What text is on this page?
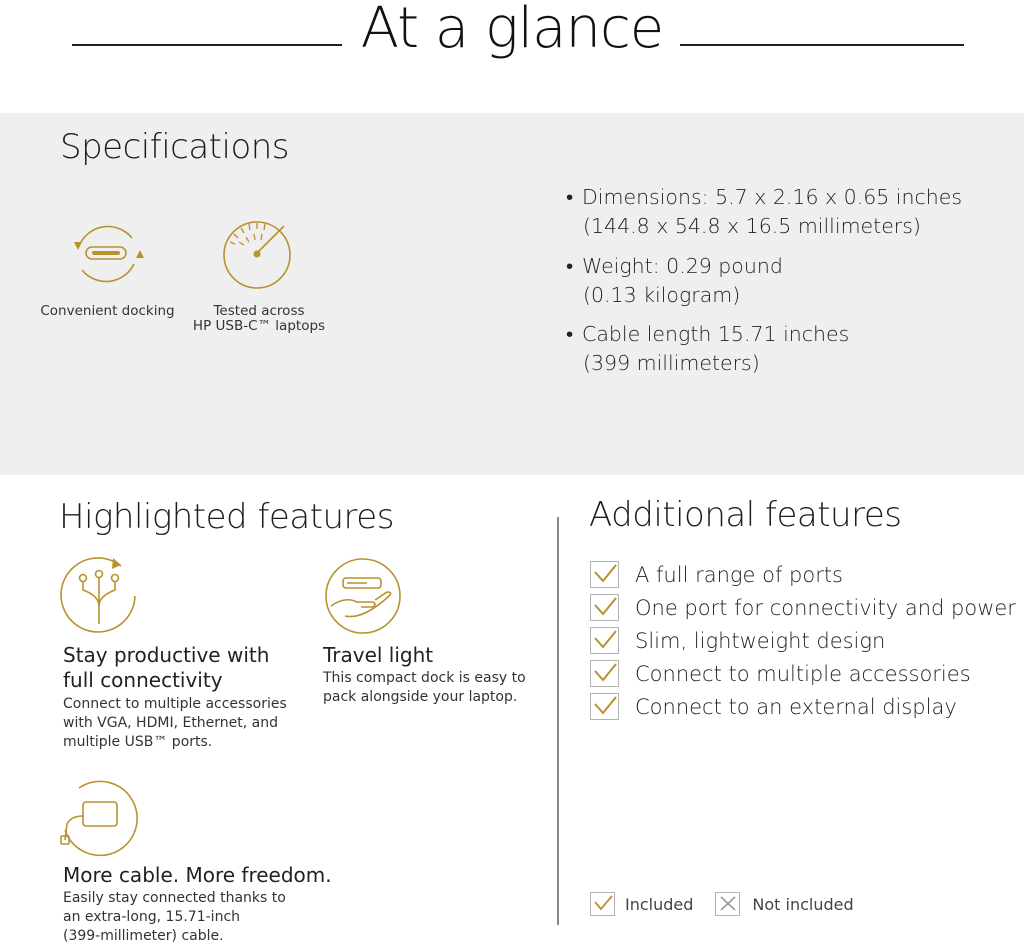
At a glance
Specifications
Convenient docking	Tested across
HP USB-C™ laptops
• Dimensions: 5.7 x 2.16 x 0.65 inches
(144.8 x 54.8 x 16.5 millimeters)
• Weight: 0.29 pound
(0.13 kilogram)
• Cable length 15.71 inches
(399 millimeters)
Highlighted features
Stay productive with
full connectivity
Connect to multiple accessories
with VGA, HDMI, Ethernet, and
multiple USB™ ports.
Travel light
This compact dock is easy to
pack alongside your laptop.
More cable. More freedom.
Easily stay connected thanks to
an extra-long, 15.71-inch
(399-millimeter) cable.
Additional features
A full range of ports
One port for connectivity and power
Slim, lightweight design
Connect to multiple accessories
Connect to an external display
Included	Not included
